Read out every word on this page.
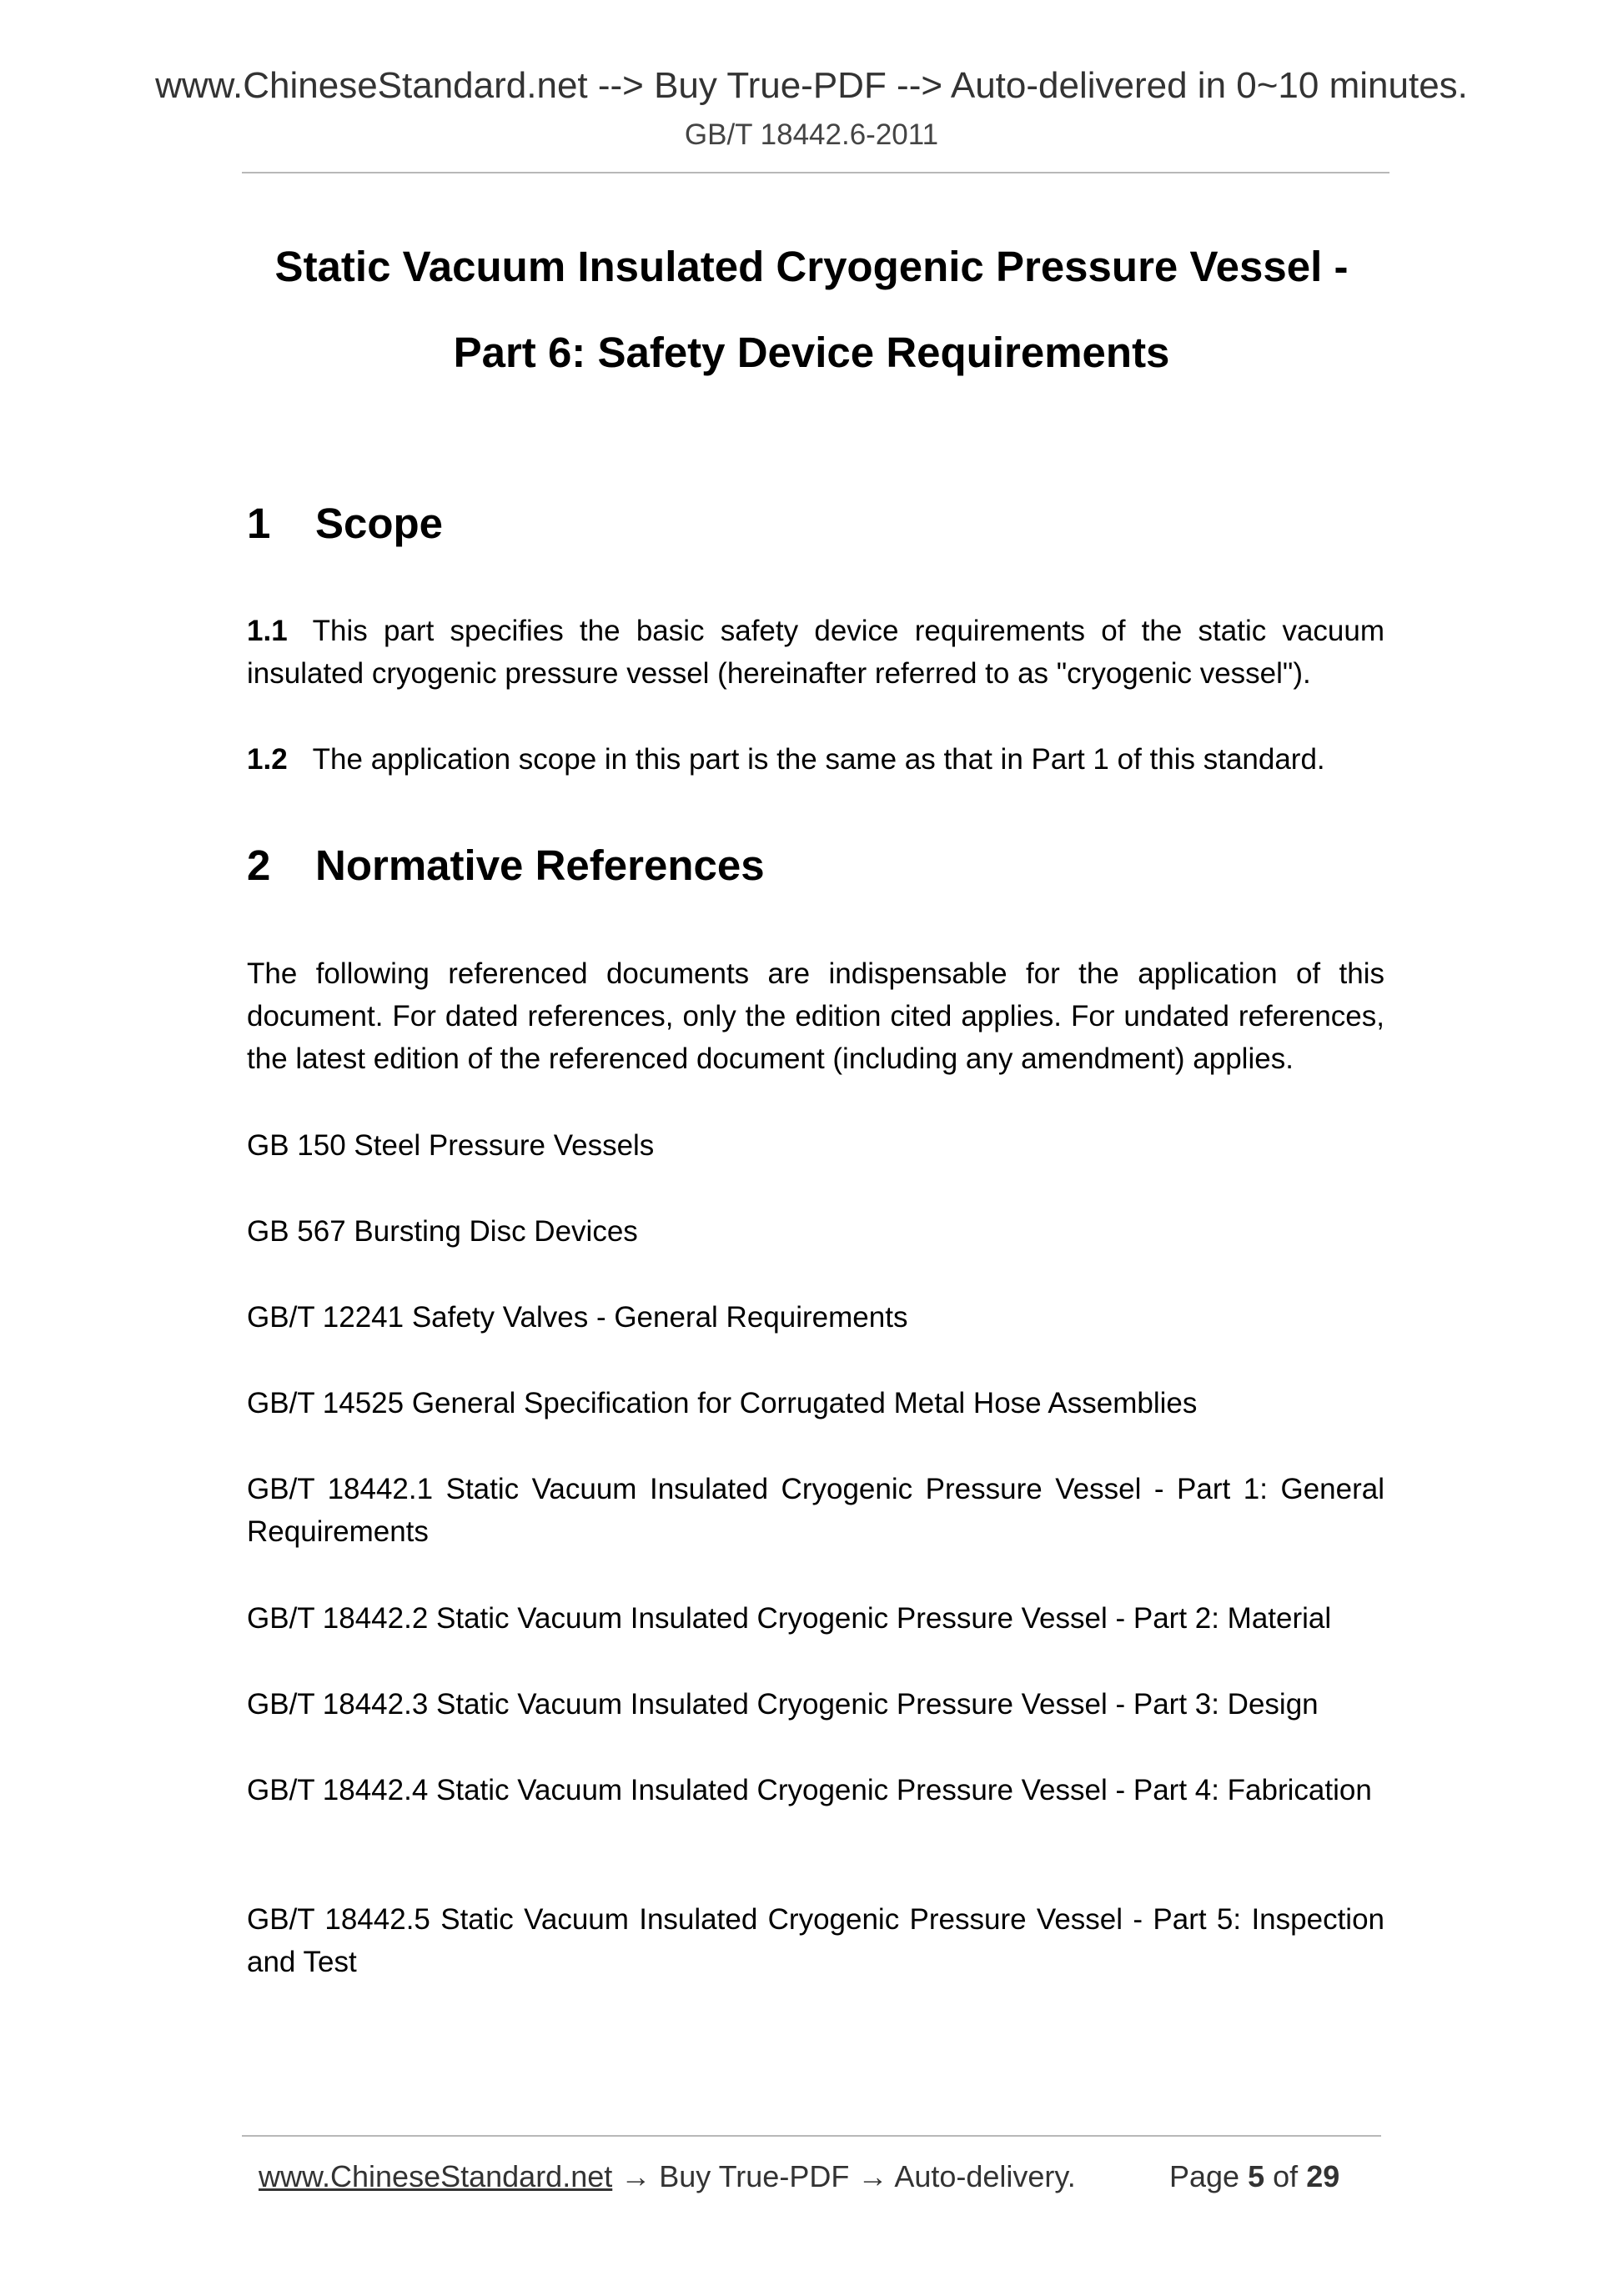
www.ChineseStandard.net --> Buy True-PDF --> Auto-delivered in 0~10 minutes.
GB/T 18442.6-2011
Static Vacuum Insulated Cryogenic Pressure Vessel -
Part 6: Safety Device Requirements
1 Scope
1.1 This part specifies the basic safety device requirements of the static vacuum
insulated cryogenic pressure vessel (hereinafter referred to as "cryogenic vessel").
1.2 The application scope in this part is the same as that in Part 1 of this standard.
2 Normative References
The following referenced documents are indispensable for the application of this document. For dated references, only the edition cited applies. For undated references, the latest edition of the referenced document (including any amendment) applies.
GB 150 Steel Pressure Vessels
GB 567 Bursting Disc Devices
GB/T 12241 Safety Valves - General Requirements
GB/T 14525 General Specification for Corrugated Metal Hose Assemblies
GB/T 18442.1 Static Vacuum Insulated Cryogenic Pressure Vessel - Part 1: General Requirements
GB/T 18442.2 Static Vacuum Insulated Cryogenic Pressure Vessel - Part 2: Material
GB/T 18442.3 Static Vacuum Insulated Cryogenic Pressure Vessel - Part 3: Design
GB/T 18442.4 Static Vacuum Insulated Cryogenic Pressure Vessel - Part 4: Fabrication
GB/T 18442.5 Static Vacuum Insulated Cryogenic Pressure Vessel - Part 5: Inspection and Test
www.ChineseStandard.net → Buy True-PDF → Auto-delivery.	Page 5 of 29
